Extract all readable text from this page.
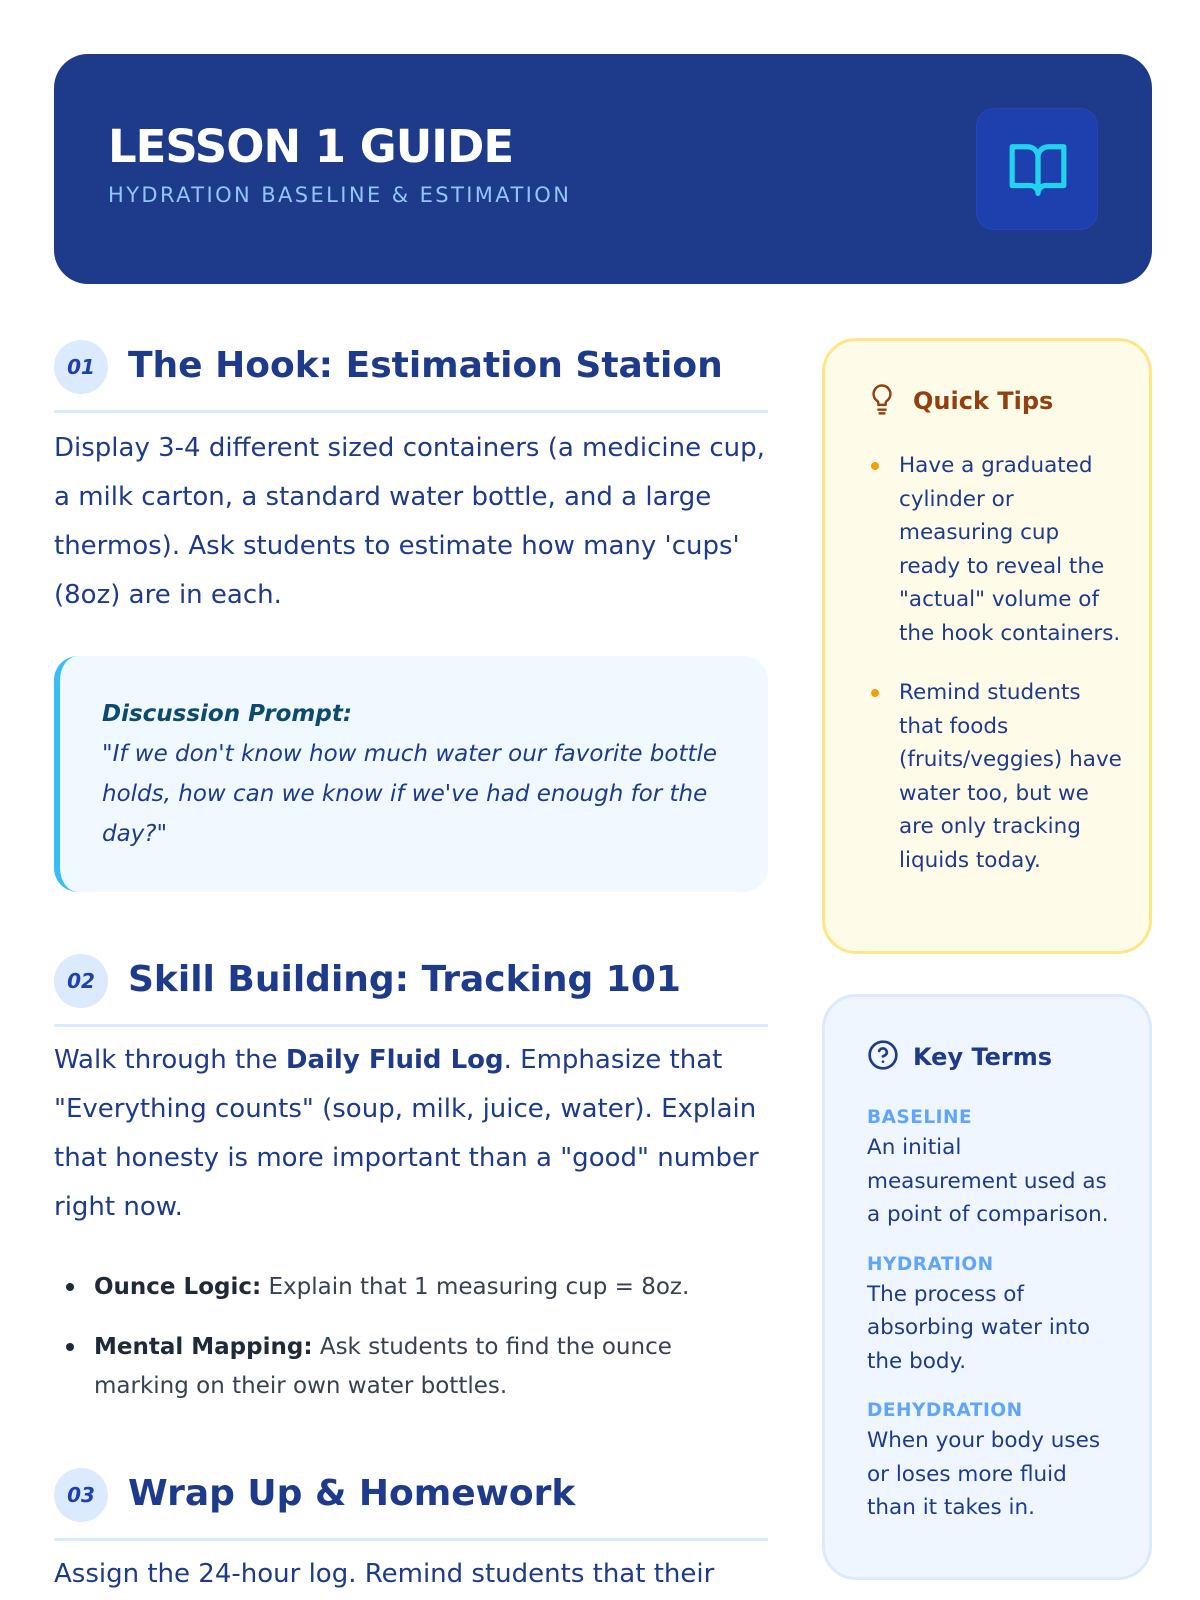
LESSON 1 GUIDE
HYDRATION BASELINE & ESTIMATION
01 The Hook: Estimation Station

Display 3-4 different sized containers (a medicine cup, a milk carton, a standard water bottle, and a large thermos). Ask students to estimate how many 'cups' (8oz) are in each.

Discussion Prompt:
"If we don't know how much water our favorite bottle holds, how can we know if we've had enough for the day?"
02 Skill Building: Tracking 101

Walk through the Daily Fluid Log. Emphasize that "Everything counts" (soup, milk, juice, water). Explain that honesty is more important than a "good" number right now.

Ounce Logic: Explain that 1 measuring cup = 8oz.
Mental Mapping: Ask students to find the ounce marking on their own water bottles.
03 Wrap Up & Homework

Assign the 24-hour log. Remind students that their

Quick Tips
Have a graduated cylinder or measuring cup ready to reveal the "actual" volume of the hook containers.
Remind students that foods (fruits/veggies) have water too, but we are only tracking liquids today.
Key Terms
BASELINE
An initial measurement used as a point of comparison.
HYDRATION
The process of absorbing water into the body.
DEHYDRATION
When your body uses or loses more fluid than it takes in.
